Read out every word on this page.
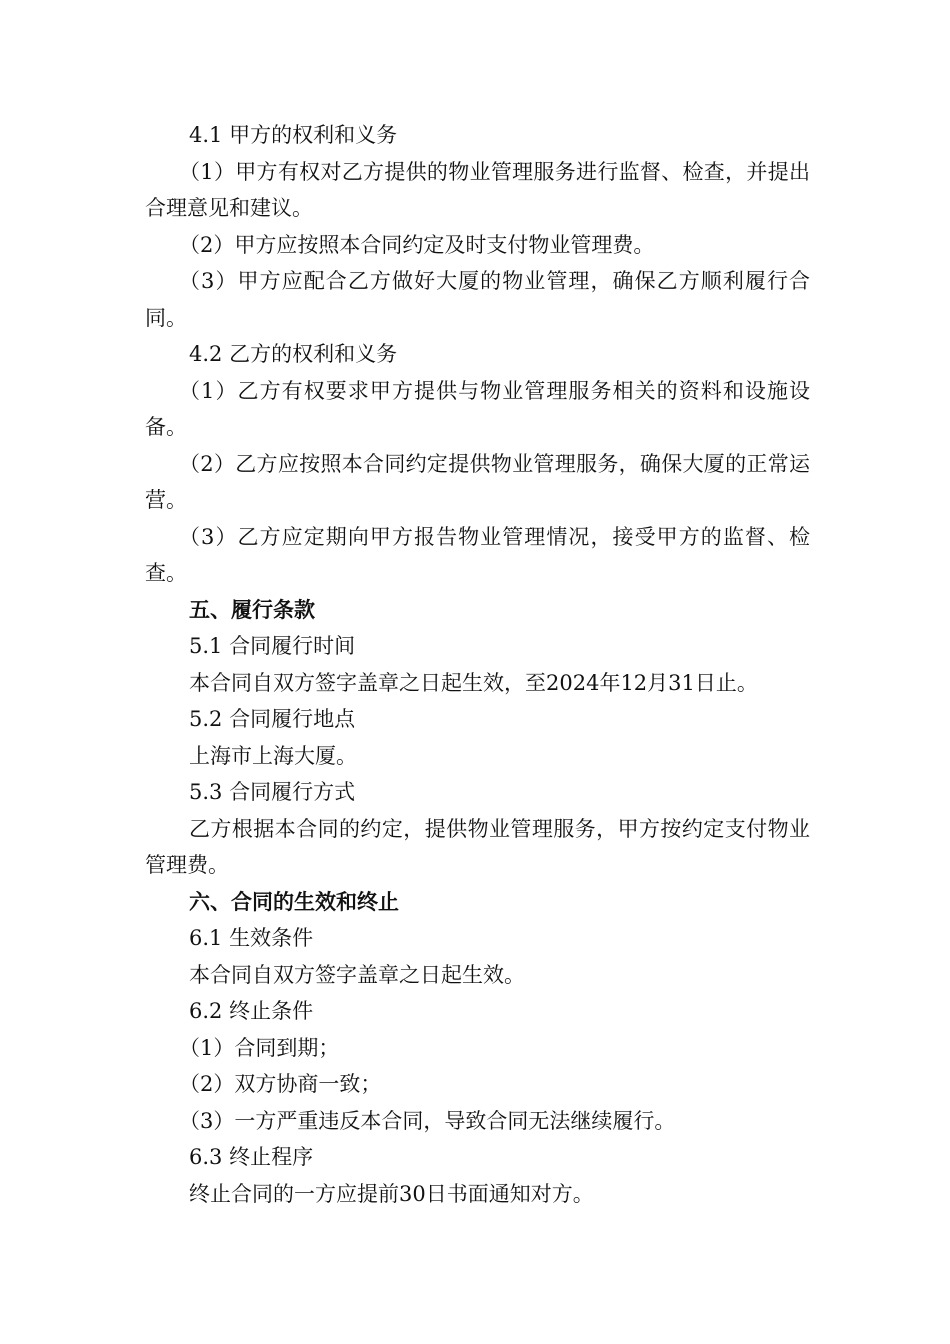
4.1 甲方的权利和义务

（1）甲方有权对乙方提供的物业管理服务进行监督、检查，并提出合理意见和建议。

（2）甲方应按照本合同约定及时支付物业管理费。

（3）甲方应配合乙方做好大厦的物业管理，确保乙方顺利履行合同。

4.2 乙方的权利和义务

（1）乙方有权要求甲方提供与物业管理服务相关的资料和设施设备。

（2）乙方应按照本合同约定提供物业管理服务，确保大厦的正常运营。

（3）乙方应定期向甲方报告物业管理情况，接受甲方的监督、检查。

五、履行条款

5.1 合同履行时间

本合同自双方签字盖章之日起生效，至2024年12月31日止。

5.2 合同履行地点

上海市上海大厦。

5.3 合同履行方式

乙方根据本合同的约定，提供物业管理服务，甲方按约定支付物业管理费。

六、合同的生效和终止

6.1 生效条件

本合同自双方签字盖章之日起生效。

6.2 终止条件

（1）合同到期；

（2）双方协商一致；

（3）一方严重违反本合同，导致合同无法继续履行。

6.3 终止程序

终止合同的一方应提前30日书面通知对方。
